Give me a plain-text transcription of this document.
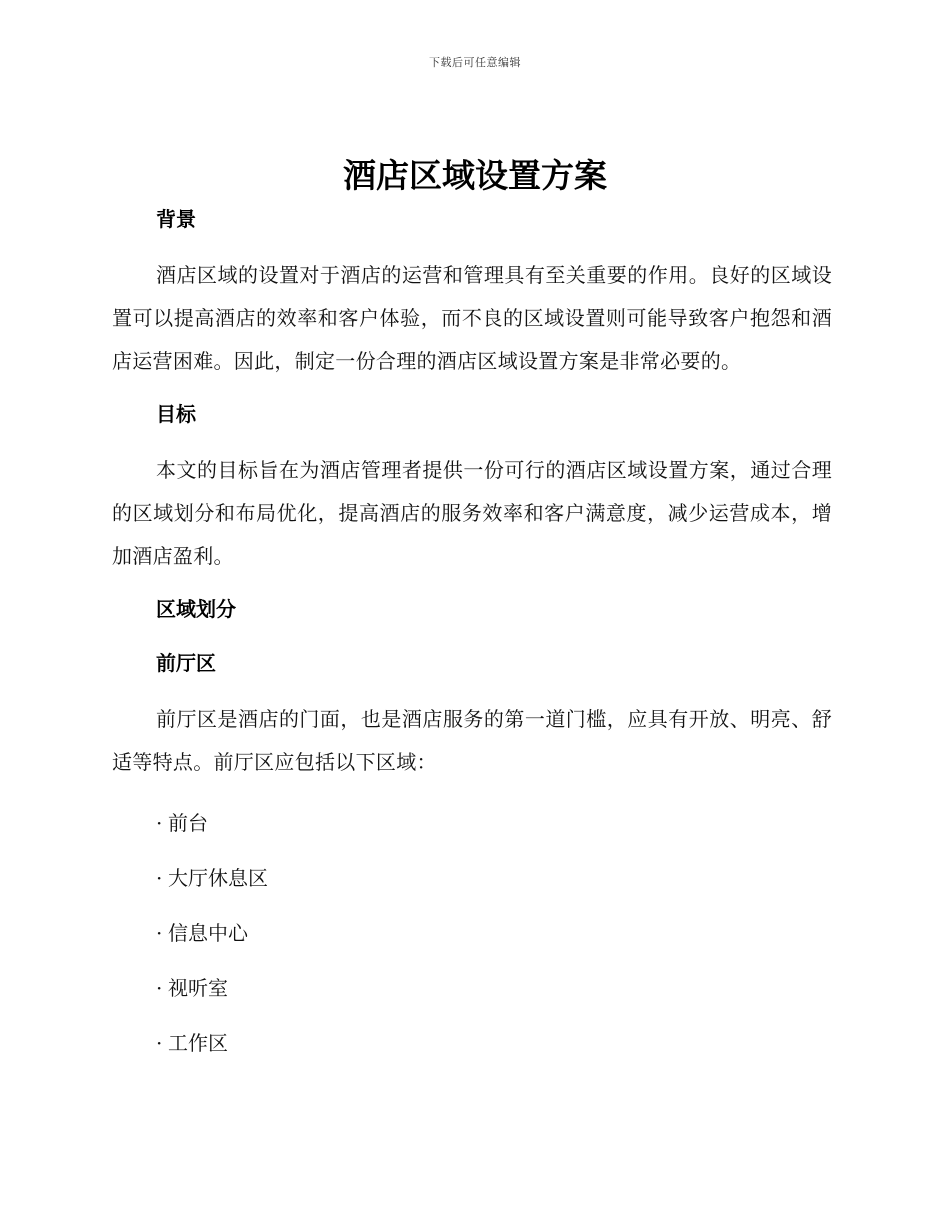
下载后可任意编辑
酒店区域设置方案
背景

酒店区域的设置对于酒店的运营和管理具有至关重要的作用。良好的区域设置可以提高酒店的效率和客户体验，而不良的区域设置则可能导致客户抱怨和酒店运营困难。因此，制定一份合理的酒店区域设置方案是非常必要的。

目标

本文的目标旨在为酒店管理者提供一份可行的酒店区域设置方案，通过合理的区域划分和布局优化，提高酒店的服务效率和客户满意度，减少运营成本，增加酒店盈利。

区域划分
前厅区

前厅区是酒店的门面，也是酒店服务的第一道门槛，应具有开放、明亮、舒适等特点。前厅区应包括以下区域：

· 前台
· 大厅休息区
· 信息中心
· 视听室
· 工作区
